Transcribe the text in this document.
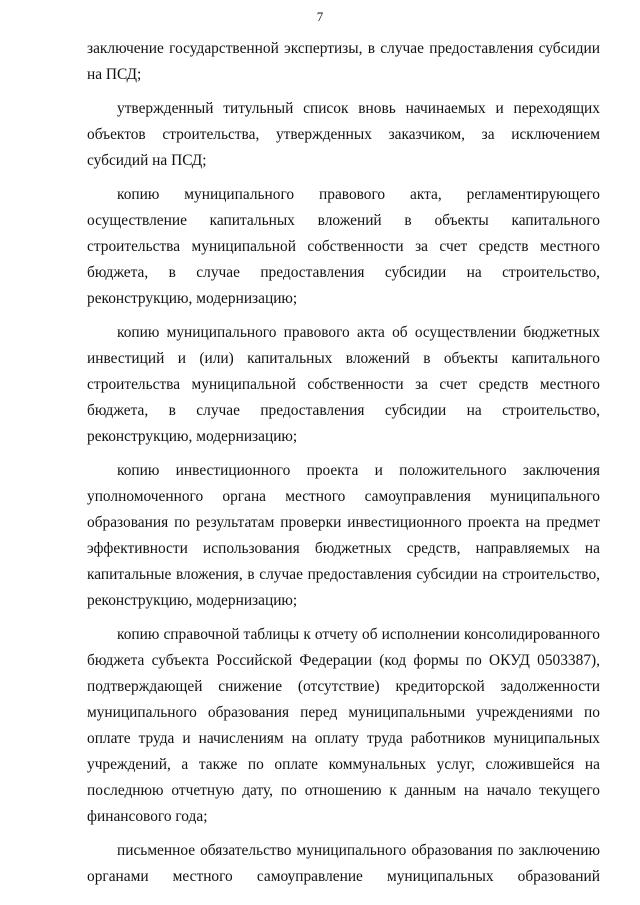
7

заключение государственной экспертизы, в случае предоставления субсидии на ПСД;

утвержденный титульный список вновь начинаемых и переходящих объектов строительства, утвержденных заказчиком, за исключением субсидий на ПСД;

копию муниципального правового акта, регламентирующего осуществление капитальных вложений в объекты капитального строительства муниципальной собственности за счет средств местного бюджета, в случае предоставления субсидии на строительство, реконструкцию, модернизацию;

копию муниципального правового акта об осуществлении бюджетных инвестиций и (или) капитальных вложений в объекты капитального строительства муниципальной собственности за счет средств местного бюджета, в случае предоставления субсидии на строительство, реконструкцию, модернизацию;

копию инвестиционного проекта и положительного заключения уполномоченного органа местного самоуправления муниципального образования по результатам проверки инвестиционного проекта на предмет эффективности использования бюджетных средств, направляемых на капитальные вложения, в случае предоставления субсидии на строительство, реконструкцию, модернизацию;

копию справочной таблицы к отчету об исполнении консолидированного бюджета субъекта Российской Федерации (код формы по ОКУД 0503387), подтверждающей снижение (отсутствие) кредиторской задолженности муниципального образования перед муниципальными учреждениями по оплате труда и начислениям на оплату труда работников муниципальных учреждений, а также по оплате коммунальных услуг, сложившейся на последнюю отчетную дату, по отношению к данным на начало текущего финансового года;

письменное обязательство муниципального образования по заключению органами местного самоуправление муниципальных образований
